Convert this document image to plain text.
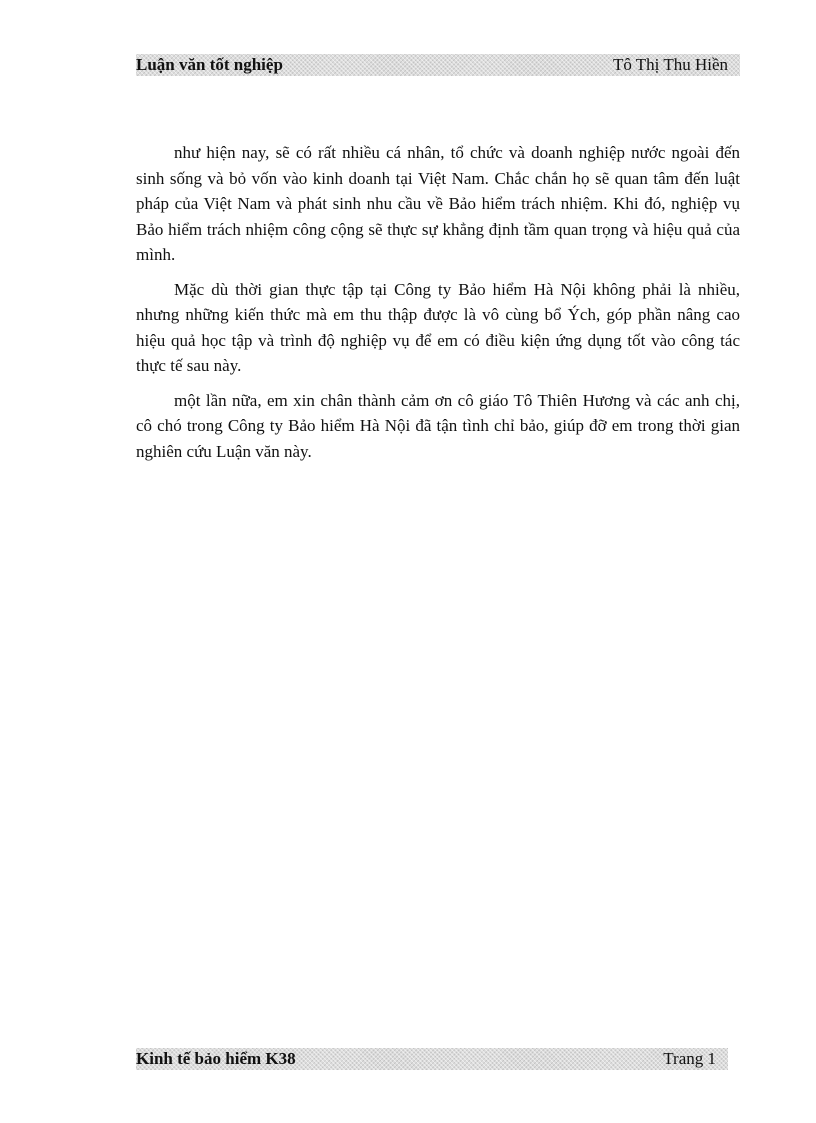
Luận văn tốt nghiệp	Tô Thị Thu Hiền

như hiện nay, sẽ có rất nhiều cá nhân, tổ chức và doanh nghiệp nước ngoài đến sinh sống và bỏ vốn vào kinh doanh tại Việt Nam. Chắc chắn họ sẽ quan tâm đến luật pháp của Việt Nam và phát sinh nhu cầu về Bảo hiểm trách nhiệm. Khi đó, nghiệp vụ Bảo hiểm trách nhiệm công cộng sẽ thực sự khẳng định tầm quan trọng và hiệu quả của mình.

Mặc dù thời gian thực tập tại Công ty Bảo hiểm Hà Nội không phải là nhiều, nhưng những kiến thức mà em thu thập được là vô cùng bổ Ých, góp phần nâng cao hiệu quả học tập và trình độ nghiệp vụ để em có điều kiện ứng dụng tốt vào công tác thực tế sau này.

một lần nữa, em xin chân thành cảm ơn cô giáo Tô Thiên Hương và các anh chị, cô chó trong Công ty Bảo hiểm Hà Nội đã tận tình chỉ bảo, giúp đỡ em trong thời gian nghiên cứu Luận văn này.

Kinh tế bảo hiểm K38	Trang 1
